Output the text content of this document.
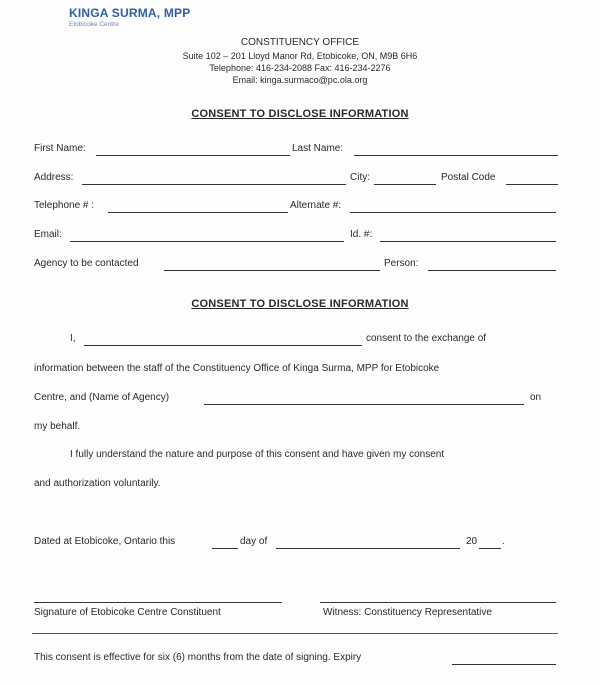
KINGA SURMA, MPP
Etobicoke Centre
CONSTITUENCY OFFICE
Suite 102 – 201 Lloyd Manor Rd, Etobicoke, ON, M9B 6H6
Telephone: 416-234-2088 Fax: 416-234-2276
Email: kinga.surmaco@pc.ola.org
CONSENT TO DISCLOSE INFORMATION
First Name:	Last Name:
Address:	City:	Postal Code
Telephone # :	Alternate #:
Email:	Id. #:
Agency to be contacted	Person:
CONSENT TO DISCLOSE INFORMATION
I,	consent to the exchange of
information between the staff of the Constituency Office of Kinga Surma, MPP for Etobicoke
Centre, and (Name of Agency)	on
my behalf.
I fully understand the nature and purpose of this consent and have given my consent
and authorization voluntarily.
Dated at Etobicoke, Ontario this	day of	20 .
Signature of Etobicoke Centre Constituent	Witness: Constituency Representative
This consent is effective for six (6) months from the date of signing. Expiry
